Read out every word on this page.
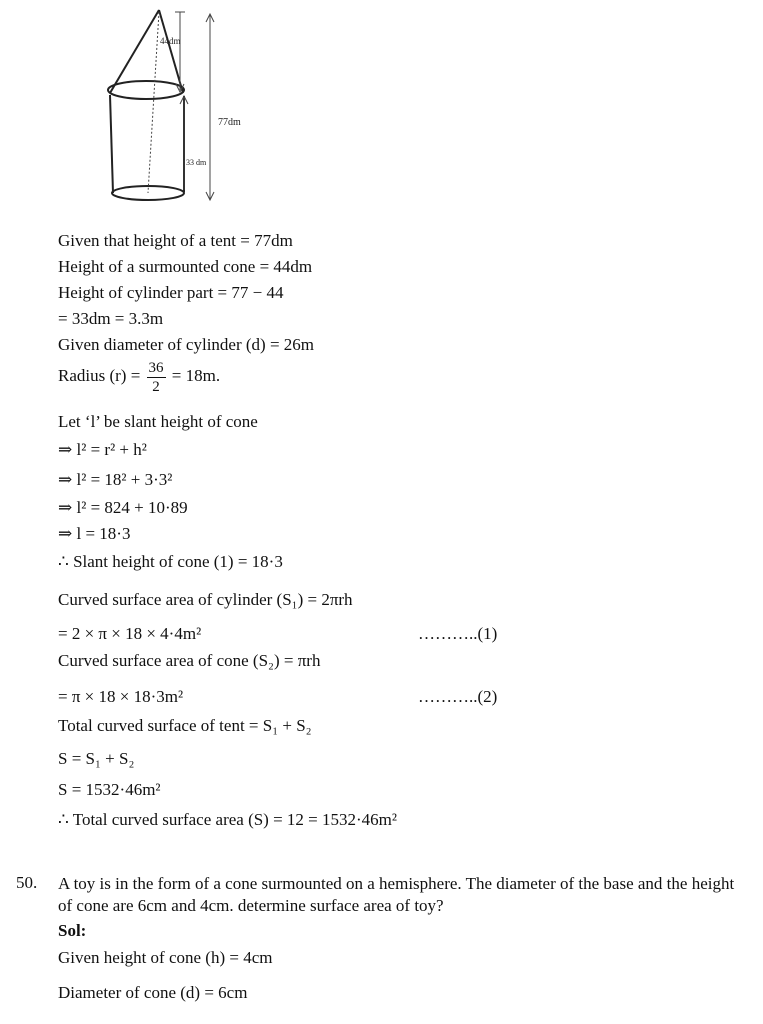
44dm
33 dm
77dm
Given that height of a tent = 77dm
Height of a surmounted cone = 44dm
Height of cylinder part = 77 − 44
= 33dm = 3.3m
Given diameter of cylinder (d) = 26m
Radius $(r) = \frac{36}{2} = 18m$.
Let ‘l’ be slant height of cone
⇒ l² = r² + h²
⇒ l² = 18² + 3·3²
⇒ l² = 824 + 10·89
⇒ l = 18·3
∴ Slant height of cone (1) = 18·3
Curved surface area of cylinder (S₁) = 2πrh
= 2 × π × 18 × 4·4m²	………..(1)
Curved surface area of cone (S₂) = πrh
= π × 18 × 18·3m²	………..(2)
Total curved surface of tent = S₁ + S₂
S = S₁ + S₂
S = 1532·46m²
∴ Total curved surface area (S) = 12 = 1532·46m²
50. A toy is in the form of a cone surmounted on a hemisphere. The diameter of the base and the height of cone are 6cm and 4cm. determine surface area of toy?
Sol:
Given height of cone (h) = 4cm
Diameter of cone (d) = 6cm
